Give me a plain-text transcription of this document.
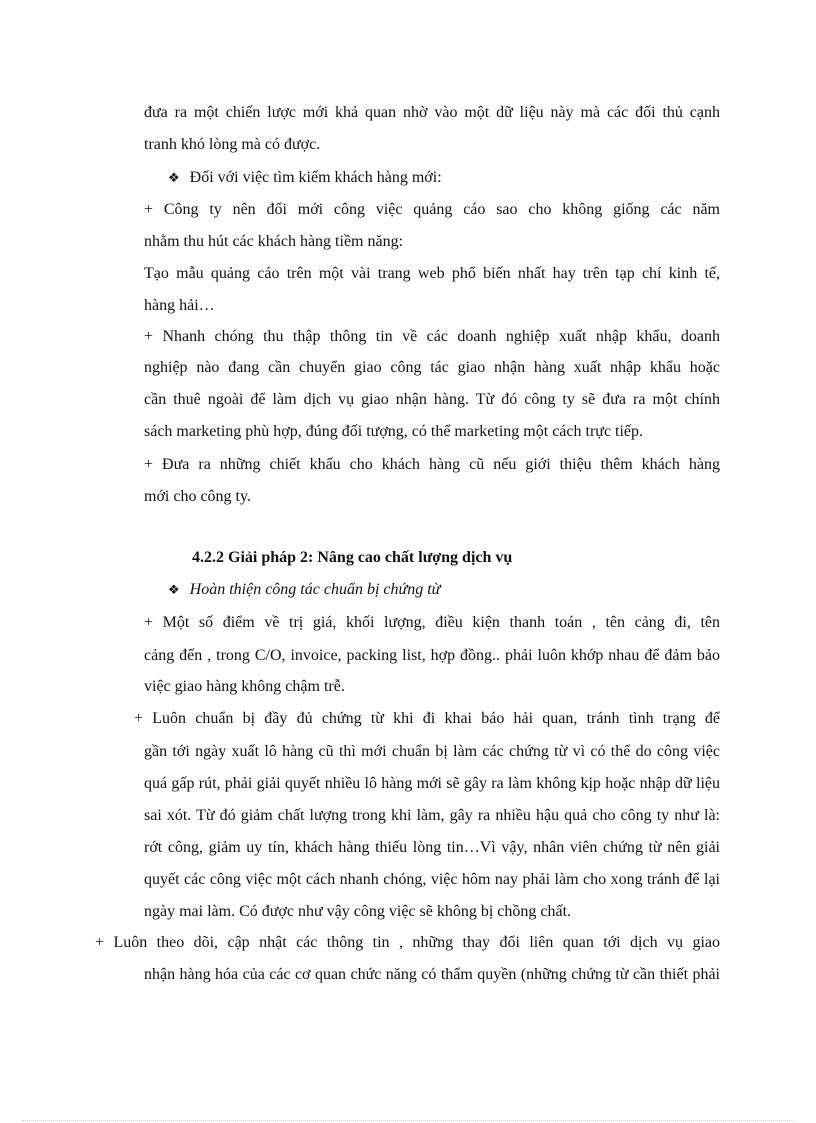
đưa ra một chiến lược mới khả quan nhờ vào một dữ liệu này mà các đối thủ cạnh
tranh khó lòng mà có được.
❖ Đối với việc tìm kiếm khách hàng mới:
+ Công ty nên đổi mới công việc quảng cáo sao cho không giống các năm
nhằm thu hút các khách hàng tiềm năng:
Tạo mẫu quảng cáo trên một vài trang web phổ biến nhất hay trên tạp chí kinh tế,
hàng hải…
+ Nhanh chóng thu thập thông tin về các doanh nghiệp xuất nhập khẩu, doanh
nghiệp nào đang cần chuyển giao công tác giao nhận hàng xuất nhập khẩu hoặc
cần thuê ngoài để làm dịch vụ giao nhận hàng. Từ đó công ty sẽ đưa ra một chính
sách marketing phù hợp, đúng đối tượng, có thể marketing một cách trực tiếp.
+ Đưa ra những chiết khấu cho khách hàng cũ nếu giới thiệu thêm khách hàng
mới cho công ty.
4.2.2 Giải pháp 2: Nâng cao chất lượng dịch vụ
❖ Hoàn thiện công tác chuẩn bị chứng từ
+ Một số điểm về trị giá, khối lượng, điều kiện thanh toán , tên cảng đi, tên
cảng đến , trong C/O, invoice, packing list, hợp đồng.. phải luôn khớp nhau để đảm bảo
việc giao hàng không chậm trễ.
+ Luôn chuẩn bị đầy đủ chứng từ khi đi khai báo hải quan, tránh tình trạng để
gần tới ngày xuất lô hàng cũ thì mới chuẩn bị làm các chứng từ vì có thể do công việc
quá gấp rút, phải giải quyết nhiều lô hàng mới sẽ gây ra làm không kịp hoặc nhập dữ liệu
sai xót. Từ đó giảm chất lượng trong khi làm, gây ra nhiều hậu quả cho công ty như là:
rớt công, giảm uy tín, khách hàng thiếu lòng tin…Vì vậy, nhân viên chứng từ nên giải
quyết các công việc một cách nhanh chóng, việc hôm nay phải làm cho xong tránh để lại
ngày mai làm. Có được như vậy công việc sẽ không bị chồng chất.
+ Luôn theo dõi, cập nhật các thông tin , những thay đổi liên quan tới dịch vụ giao
nhận hàng hóa của các cơ quan chức năng có thẩm quyền (những chứng từ cần thiết phải
